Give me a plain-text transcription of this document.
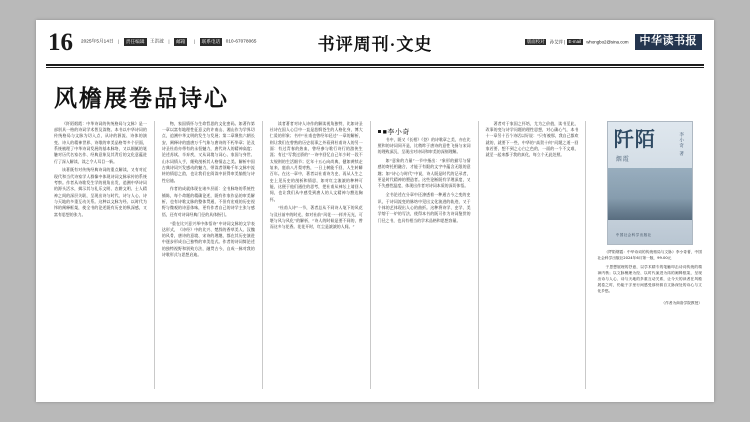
16 2025年5月14日 | 责任编辑 王洪波 | 邮箱 | 联系电话 010-67078065	书评周刊·文史	版面校对 孙艾萍 | E-mail whongbo2@sina.com	中华读书报
风檐展卷品诗心

《阡陌烟霞：中华诗词的传统格局与文脉》是一部别具一格的诗词学术普及读物。本书以中华诗词的传统格局与文脉为切入点，从诗的源流、诗体的演变、诗人的精神世界、诗歌的审美品格等多个层面，系统梳理了中华诗词发展的基本脉络，又以细腻的笔触对历代名家名作、经典意象及其背后的文化意蕴进行了深入解读，读之令人耳目一新。

该著既有对传统经典诗词的重点解读，又有对近现代和当代诗家学人群像中体现诗词文脉承传的系统考察。作者从诗歌发生学的视角出发，追溯中华诗词的源头活水，揭示其与礼乐文明、农耕文明、士人精神之间的深层关联，呈现出诗与时代、诗与人心、诗与天地的多重互动关系。这种以文脉为经、以时代为纬的阐释框架，使全书的论述既有历史的纵深感，又富有思想的张力。

物，家国情怀与生命哲思的文化密码。如著作第一章以富有地理性征意义的许南山、湘山作为学界切点，追溯中华文明的发生与发展；第二章聚焦六朝长安，阐释诗的盛唐万千气象与唐诗的不朽华章；论及诗圣杜甫亦带有的永恒魅力，唐代诗人的精神高度；论述苏轼、辛弃疾，又从词境与词心、家国与身世、山水词情入手，细致剖析其人格情志之美。解析中国古典诗词兴发感动的魅力，带读者领略千年文脉中流转的情思之韵，也让我们在阅读中获得审美愉悦与诗性启迪。

作者的成就体现在诸多层面：全书脉络的系统性铺陈，每个命题的精确论述，既有作家作品的审美解析，也有诗歌文脉的整体贯通，不但有宏观的历史视野与微观的诗意体味，更有作者自己的诗学主张与感悟，还有对诗词经典门径的具体指引。

“重在比兴意兴举中体悟诗”中诗词文脉的文学表达形式，《诗经》中的比兴、楚辞的香草美人、汉魏的风骨，唐诗的意境、宋诗的理趣，都在其历史演进中逐步形成自己独特的审美范式。作者的诗词简论述的独特视野和别致方法，融贯古今，自成一脉对我的诗歌形式与思想启迪。

读者著者对诗人诗作的解读视角独特，比如诗圣社诗在国人心目中一直是悲悯苍生的人格化身，博大仁爱的形象；书中“社甫也曾经年轻过”一章的解析，则让我们在曾熟的历史叙事之外看到杜甫诗人的另一面：有过青春的热血，曾经参与歌行诗行的游侠生涯；有过“写我过骄的”一诗中回忆自己年少时一段不太规则的生活细节；忆年十五心向尚典，健如黄犊走复来，庭前八月梨枣熟，一日上树能千回，人生转瞬百年。在这一章中，著者以社甫诗为史，再从人生之史上见历史的剖析和情思，如对红尘滚滚的种种可能，这便于他们通往的思考，把社甫从神坛上请回人间，也让我们从中感受到唐人的人文精神与豁达胸怀。

“杜甫人诗”一节，著者总从不同诗人笔下的风花与及社前中的时光，如对社前“风花一一样并无光，可堪与风与风化”的解析，“诗人的时候是要不同的，曾而这多与花香。花花开时，红尘是滚滚的人间。”

■李小奇

书中，既又《长相》《登》的诗歌章之美，亦在比照和的诗词同开是，比稍昨于唐诗的意性飞扬与宋词的理致深沉，呈现出对诗词和审美的深刻理解。

如“意象的力量”一节中指出：“象形的描写与情感的寄托相融合，才能于有限的文字中蕴含无限的意趣；如“诗心与时代”中说，诗人既是时代的记录者，更是时代精神的塑造者。这些论断既有学理深度，又不失感性温度，体现出作者对诗词本质的深切体悟。

全书论述在分章中还渗透着一种通古今之变的史识，于诗词流变的脉络中见出文化演进的轨迹，又于个体的艺体现出人心的曲折。这种将诗学、史学、美学熔于一炉的写法，使得本书的既可作为诗词鉴赏的门径之书，也具有相当的学术品格和思想容量。

著者对于家国之怀培，尤为之价值，读书至此，改事的变与诗学问题的理性思想，对心确心气，本书十一章另十百个诗话以好说：“只有被那，我自己都欢就的，就要下一些，中华的“高贺十何”问题之道一回家若要，想不到之心白之色的，一面的一个不文难，就至一起来都于我的真化，每立个无此处照。

阡陌
烟霞
李小奇 著
中国社会科学出版社

《阡陌烟霞：中华诗词的传统格局与文脉》李小奇著，中国社会科学出版社2024年6月第一版，99.00元

于思想展理的抒意，以学术精专的笔触叩击诗词传统的精神内核；以文脉梳理为经、以时代演进为纬的阐释框架，呈现出诗与人心、诗与天地的多重互动关系，让今天的读者在风檐展卷之时，仍能于字里行间感受那份源自文脉深处的诗心与文化乡愁。

（作者为商洛学院教授）
